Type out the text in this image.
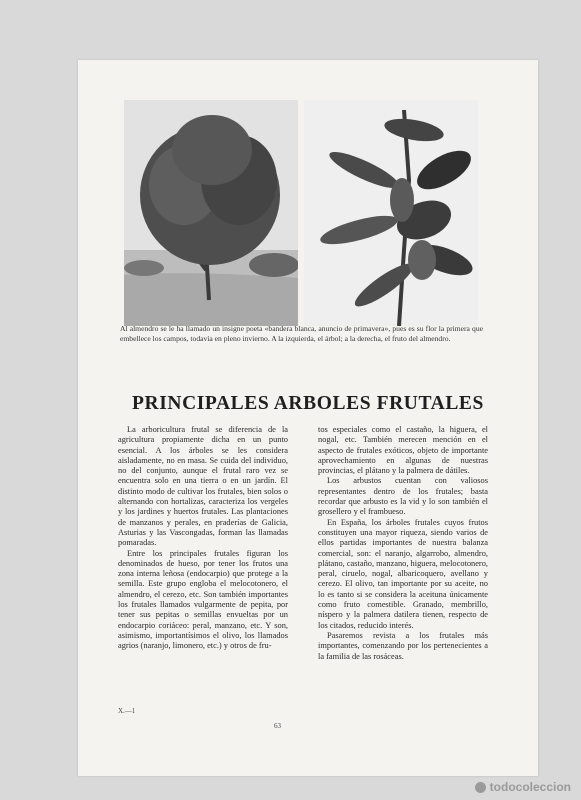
Al almendro se le ha llamado un insigne poeta «bandera blanca, anuncio de primavera», pues es su flor la primera que embellece los campos, todavía en pleno invierno. A la izquierda, el árbol; a la derecha, el fruto del almendro.
PRINCIPALES ARBOLES FRUTALES

La arboricultura frutal se diferencia de la agricultura propiamente dicha en un punto esencial. A los árboles se les considera aisladamente, no en masa. Se cuida del individuo, no del conjunto, aunque el frutal raro vez se encuentra solo en una tierra o en un jardín. El distinto modo de cultivar los frutales, bien solos o alternando con hortalizas, caracteriza los vergeles y los jardines y huertos frutales. Las plantaciones de manzanos y perales, en praderías de Galicia, Asturias y las Vascongadas, forman las llamadas pomaradas.

Entre los principales frutales figuran los denominados de hueso, por tener los frutos una zona interna leñosa (endocarpio) que protege a la semilla. Este grupo engloba el melocotonero, el almendro, el cerezo, etc. Son también importantes los frutales llamados vulgarmente de pepita, por tener sus pepitas o semillas envueltas por un endocarpio coriáceo: peral, manzano, etc. Y son, asimismo, importantísimos el olivo, los llamados agrios (naranjo, limonero, etc.) y otros de fru-

tos especiales como el castaño, la higuera, el nogal, etc. También merecen mención en el aspecto de frutales exóticos, objeto de importante aprovechamiento en algunas de nuestras provincias, el plátano y la palmera de dátiles.

Los arbustos cuentan con valiosos representantes dentro de los frutales; basta recordar que arbusto es la vid y lo son también el grosellero y el frambueso.

En España, los árboles frutales cuyos frutos constituyen una mayor riqueza, siendo varios de ellos partidas importantes de nuestra balanza comercial, son: el naranjo, algarrobo, almendro, plátano, castaño, manzano, higuera, melocotonero, peral, ciruelo, nogal, albaricoquero, avellano y cerezo. El olivo, tan importante por su aceite, no lo es tanto si se considera la aceituna únicamente como fruto comestible. Granado, membrillo, níspero y la palmera datilera tienen, respecto de los citados, reducido interés.

Pasaremos revista a los frutales más importantes, comenzando por los pertenecientes a la familia de las rosáceas.

X.—1
63
todocoleccion
